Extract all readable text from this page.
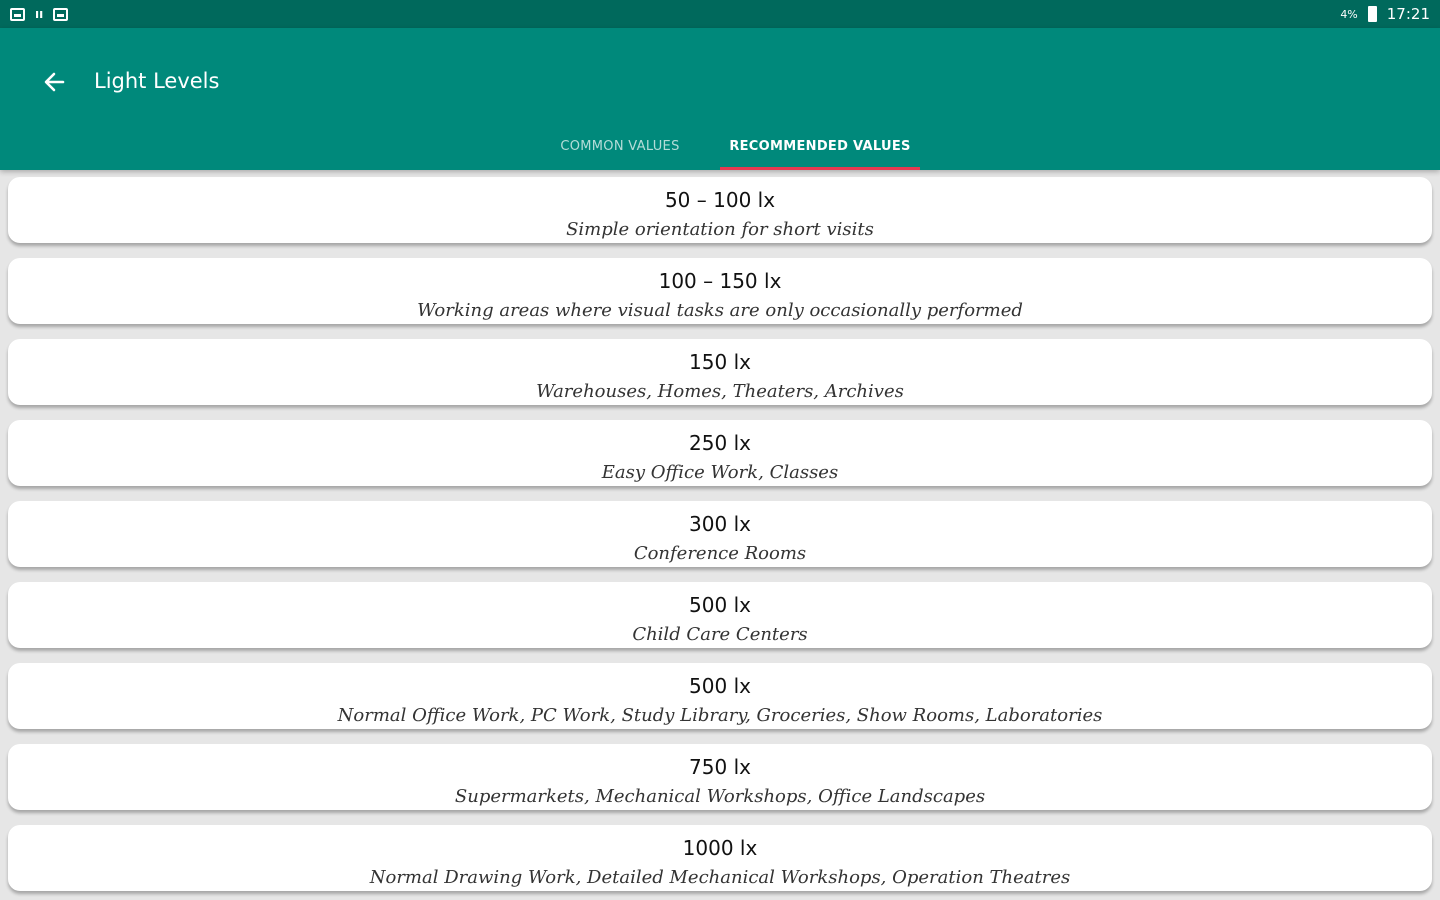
ıı	4% 17:21
Light Levels
COMMON VALUES	RECOMMENDED VALUES
50 – 100 lx
Simple orientation for short visits
100 – 150 lx
Working areas where visual tasks are only occasionally performed
150 lx
Warehouses, Homes, Theaters, Archives
250 lx
Easy Office Work, Classes
300 lx
Conference Rooms
500 lx
Child Care Centers
500 lx
Normal Office Work, PC Work, Study Library, Groceries, Show Rooms, Laboratories
750 lx
Supermarkets, Mechanical Workshops, Office Landscapes
1000 lx
Normal Drawing Work, Detailed Mechanical Workshops, Operation Theatres
